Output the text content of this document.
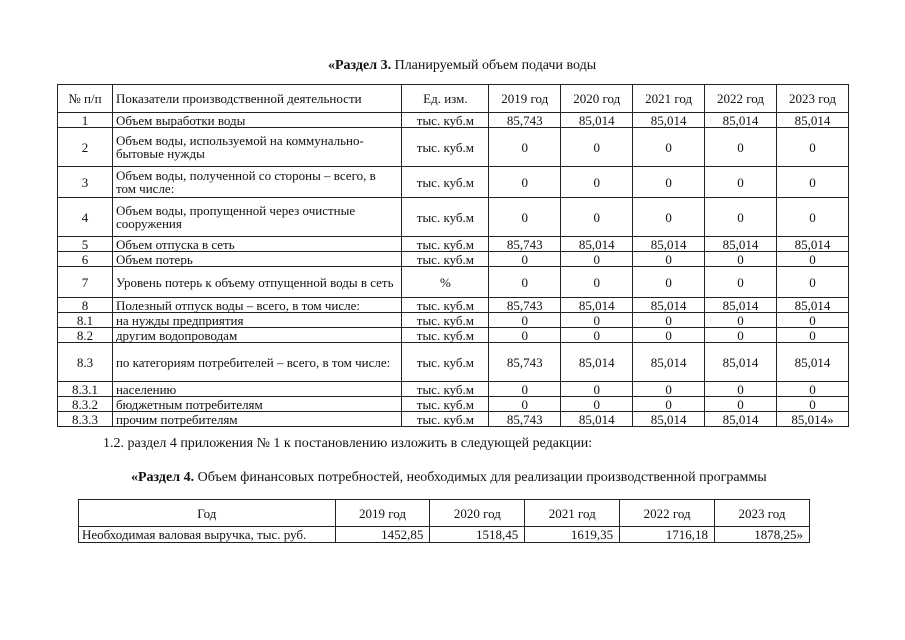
«Раздел 3. Планируемый объем подачи воды
№ п/п	Показатели производственной деятельности	Ед. изм.	2019 год	2020 год	2021 год	2022 год	2023 год
1	Объем выработки воды	тыс. куб.м	85,743	85,014	85,014	85,014	85,014
2	Объем воды, используемой на коммунально-бытовые нужды	тыс. куб.м	0	0	0	0	0
3	Объем воды, полученной со стороны – всего, в том числе:	тыс. куб.м	0	0	0	0	0
4	Объем воды, пропущенной через очистные сооружения	тыс. куб.м	0	0	0	0	0
5	Объем отпуска в сеть	тыс. куб.м	85,743	85,014	85,014	85,014	85,014
6	Объем потерь	тыс. куб.м	0	0	0	0	0
7	Уровень потерь к объему отпущенной воды в сеть	%	0	0	0	0	0
8	Полезный отпуск воды – всего, в том числе:	тыс. куб.м	85,743	85,014	85,014	85,014	85,014
8.1	на нужды предприятия	тыс. куб.м	0	0	0	0	0
8.2	другим водопроводам	тыс. куб.м	0	0	0	0	0
8.3	по категориям потребителей – всего, в том числе:	тыс. куб.м	85,743	85,014	85,014	85,014	85,014
8.3.1	населению	тыс. куб.м	0	0	0	0	0
8.3.2	бюджетным потребителям	тыс. куб.м	0	0	0	0	0
8.3.3	прочим потребителям	тыс. куб.м	85,743	85,014	85,014	85,014	85,014»
1.2. раздел 4 приложения № 1 к постановлению изложить в следующей редакции:
«Раздел 4. Объем финансовых потребностей, необходимых для реализации производственной программы
Год	2019 год	2020 год	2021 год	2022 год	2023 год
Необходимая валовая выручка, тыс. руб.	1452,85	1518,45	1619,35	1716,18	1878,25»
